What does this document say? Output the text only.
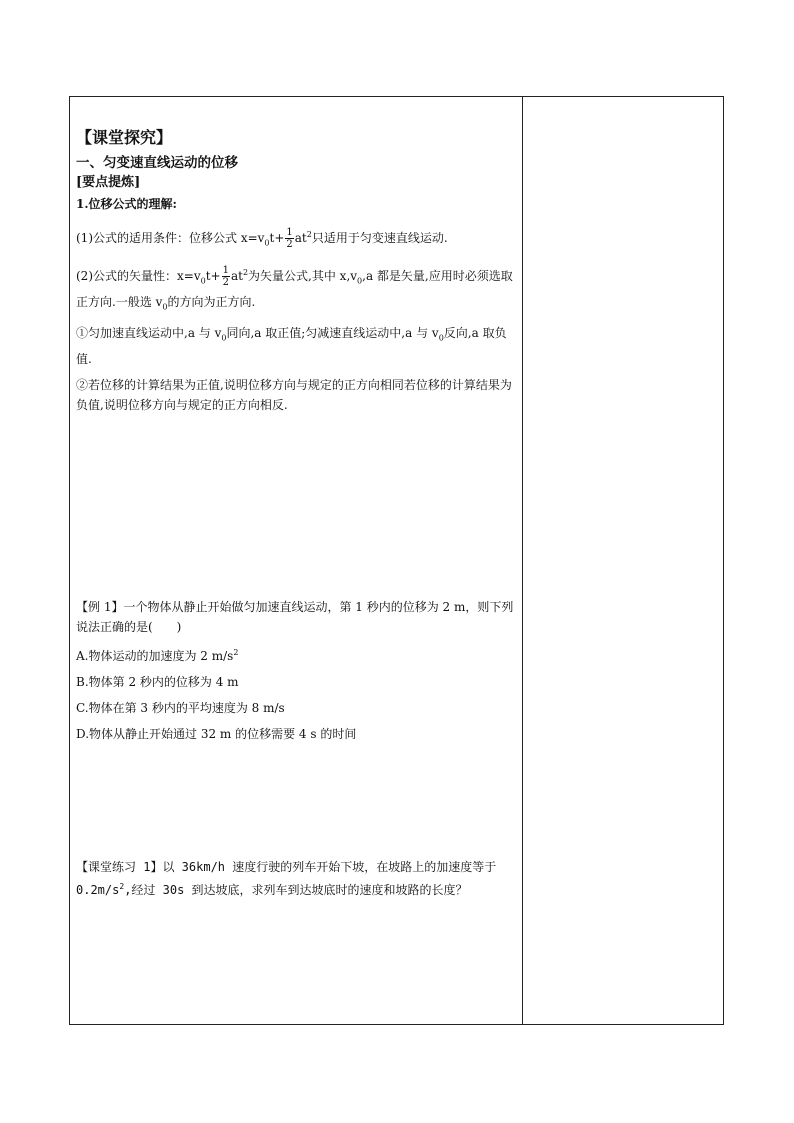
【课堂探究】
一、匀变速直线运动的位移
[要点提炼]
1.位移公式的理解:

(1)公式的适用条件：位移公式 $x=v_0t+ \frac{1}{2} at^2$只适用于匀变速直线运动.

(2)公式的矢量性：$x=v_0t+ \frac{1}{2} at^2$为矢量公式,其中 $x,v_0,a$ 都是矢量,应用时必须选取正方向.一般选 $v_0$的方向为正方向.

①匀加速直线运动中,a 与 $v_0$同向,a 取正值;匀减速直线运动中,a 与 $v_0$反向,a 取负值.

②若位移的计算结果为正值,说明位移方向与规定的正方向相同若位移的计算结果为负值,说明位移方向与规定的正方向相反.

【例 1】一个物体从静止开始做匀加速直线运动，第 1 秒内的位移为 2 m，则下列说法正确的是(　　)

A.物体运动的加速度为 2 $m/s^2$

B.物体第 2 秒内的位移为 4 m

C.物体在第 3 秒内的平均速度为 8 m/s

D.物体从静止开始通过 32 m 的位移需要 4 s 的时间

【课堂练习 1】以 36km/h 速度行驶的列车开始下坡，在坡路上的加速度等于 $0.2m/s^2$,经过 30s 到达坡底，求列车到达坡底时的速度和坡路的长度？
